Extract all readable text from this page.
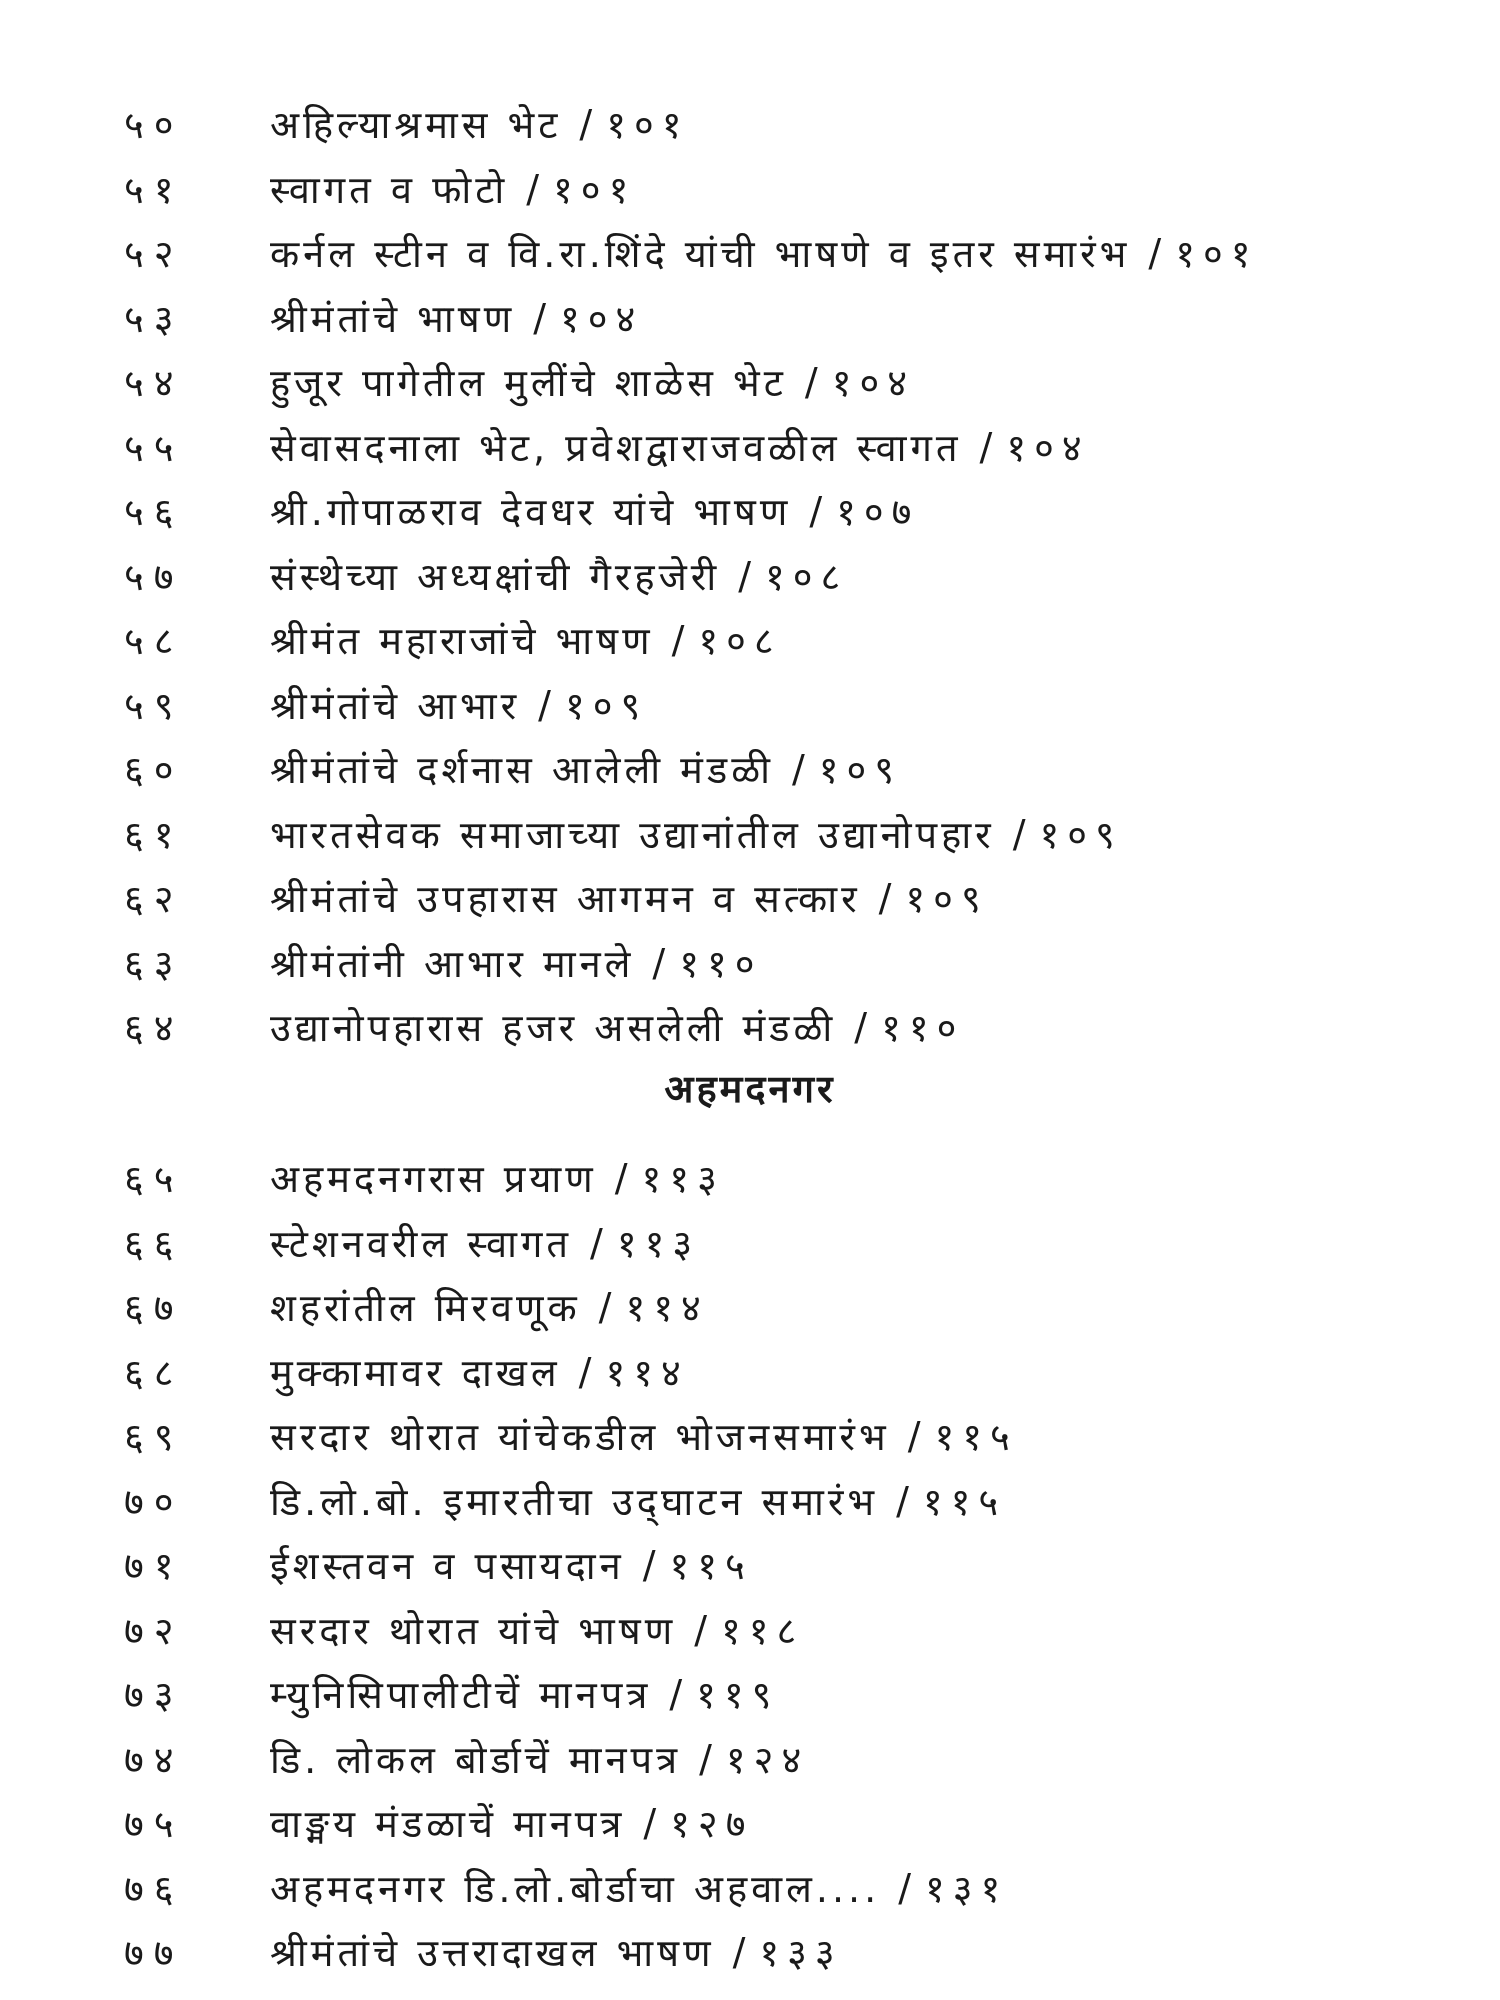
५०	अहिल्याश्रमास भेट / १०१
५१	स्वागत व फोटो / १०१
५२	कर्नल स्टीन व वि.रा.शिंदे यांची भाषणे व इतर समारंभ / १०१
५३	श्रीमंतांचे भाषण / १०४
५४	हुजूर पागेतील मुलींचे शाळेस भेट / १०४
५५	सेवासदनाला भेट, प्रवेशद्वाराजवळील स्वागत / १०४
५६	श्री.गोपाळराव देवधर यांचे भाषण / १०७
५७	संस्थेच्या अध्यक्षांची गैरहजेरी / १०८
५८	श्रीमंत महाराजांचे भाषण / १०८
५९	श्रीमंतांचे आभार / १०९
६०	श्रीमंतांचे दर्शनास आलेली मंडळी / १०९
६१	भारतसेवक समाजाच्या उद्यानांतील उद्यानोपहार / १०९
६२	श्रीमंतांचे उपहारास आगमन व सत्कार / १०९
६३	श्रीमंतांनी आभार मानले / ११०
६४	उद्यानोपहारास हजर असलेली मंडळी / ११०
अहमदनगर
६५	अहमदनगरास प्रयाण / ११३
६६	स्टेशनवरील स्वागत / ११३
६७	शहरांतील मिरवणूक / ११४
६८	मुक्कामावर दाखल / ११४
६९	सरदार थोरात यांचेकडील भोजनसमारंभ / ११५
७०	डि.लो.बो. इमारतीचा उद्‌घाटन समारंभ / ११५
७१	ईशस्तवन व पसायदान / ११५
७२	सरदार थोरात यांचे भाषण / ११८
७३	म्युनिसिपालीटीचें मानपत्र / ११९
७४	डि. लोकल बोर्डाचें मानपत्र / १२४
७५	वाङ्मय मंडळाचें मानपत्र / १२७
७६	अहमदनगर डि.लो.बोर्डाचा अहवाल.... / १३१
७७	श्रीमंतांचे उत्तरादाखल भाषण / १३३
